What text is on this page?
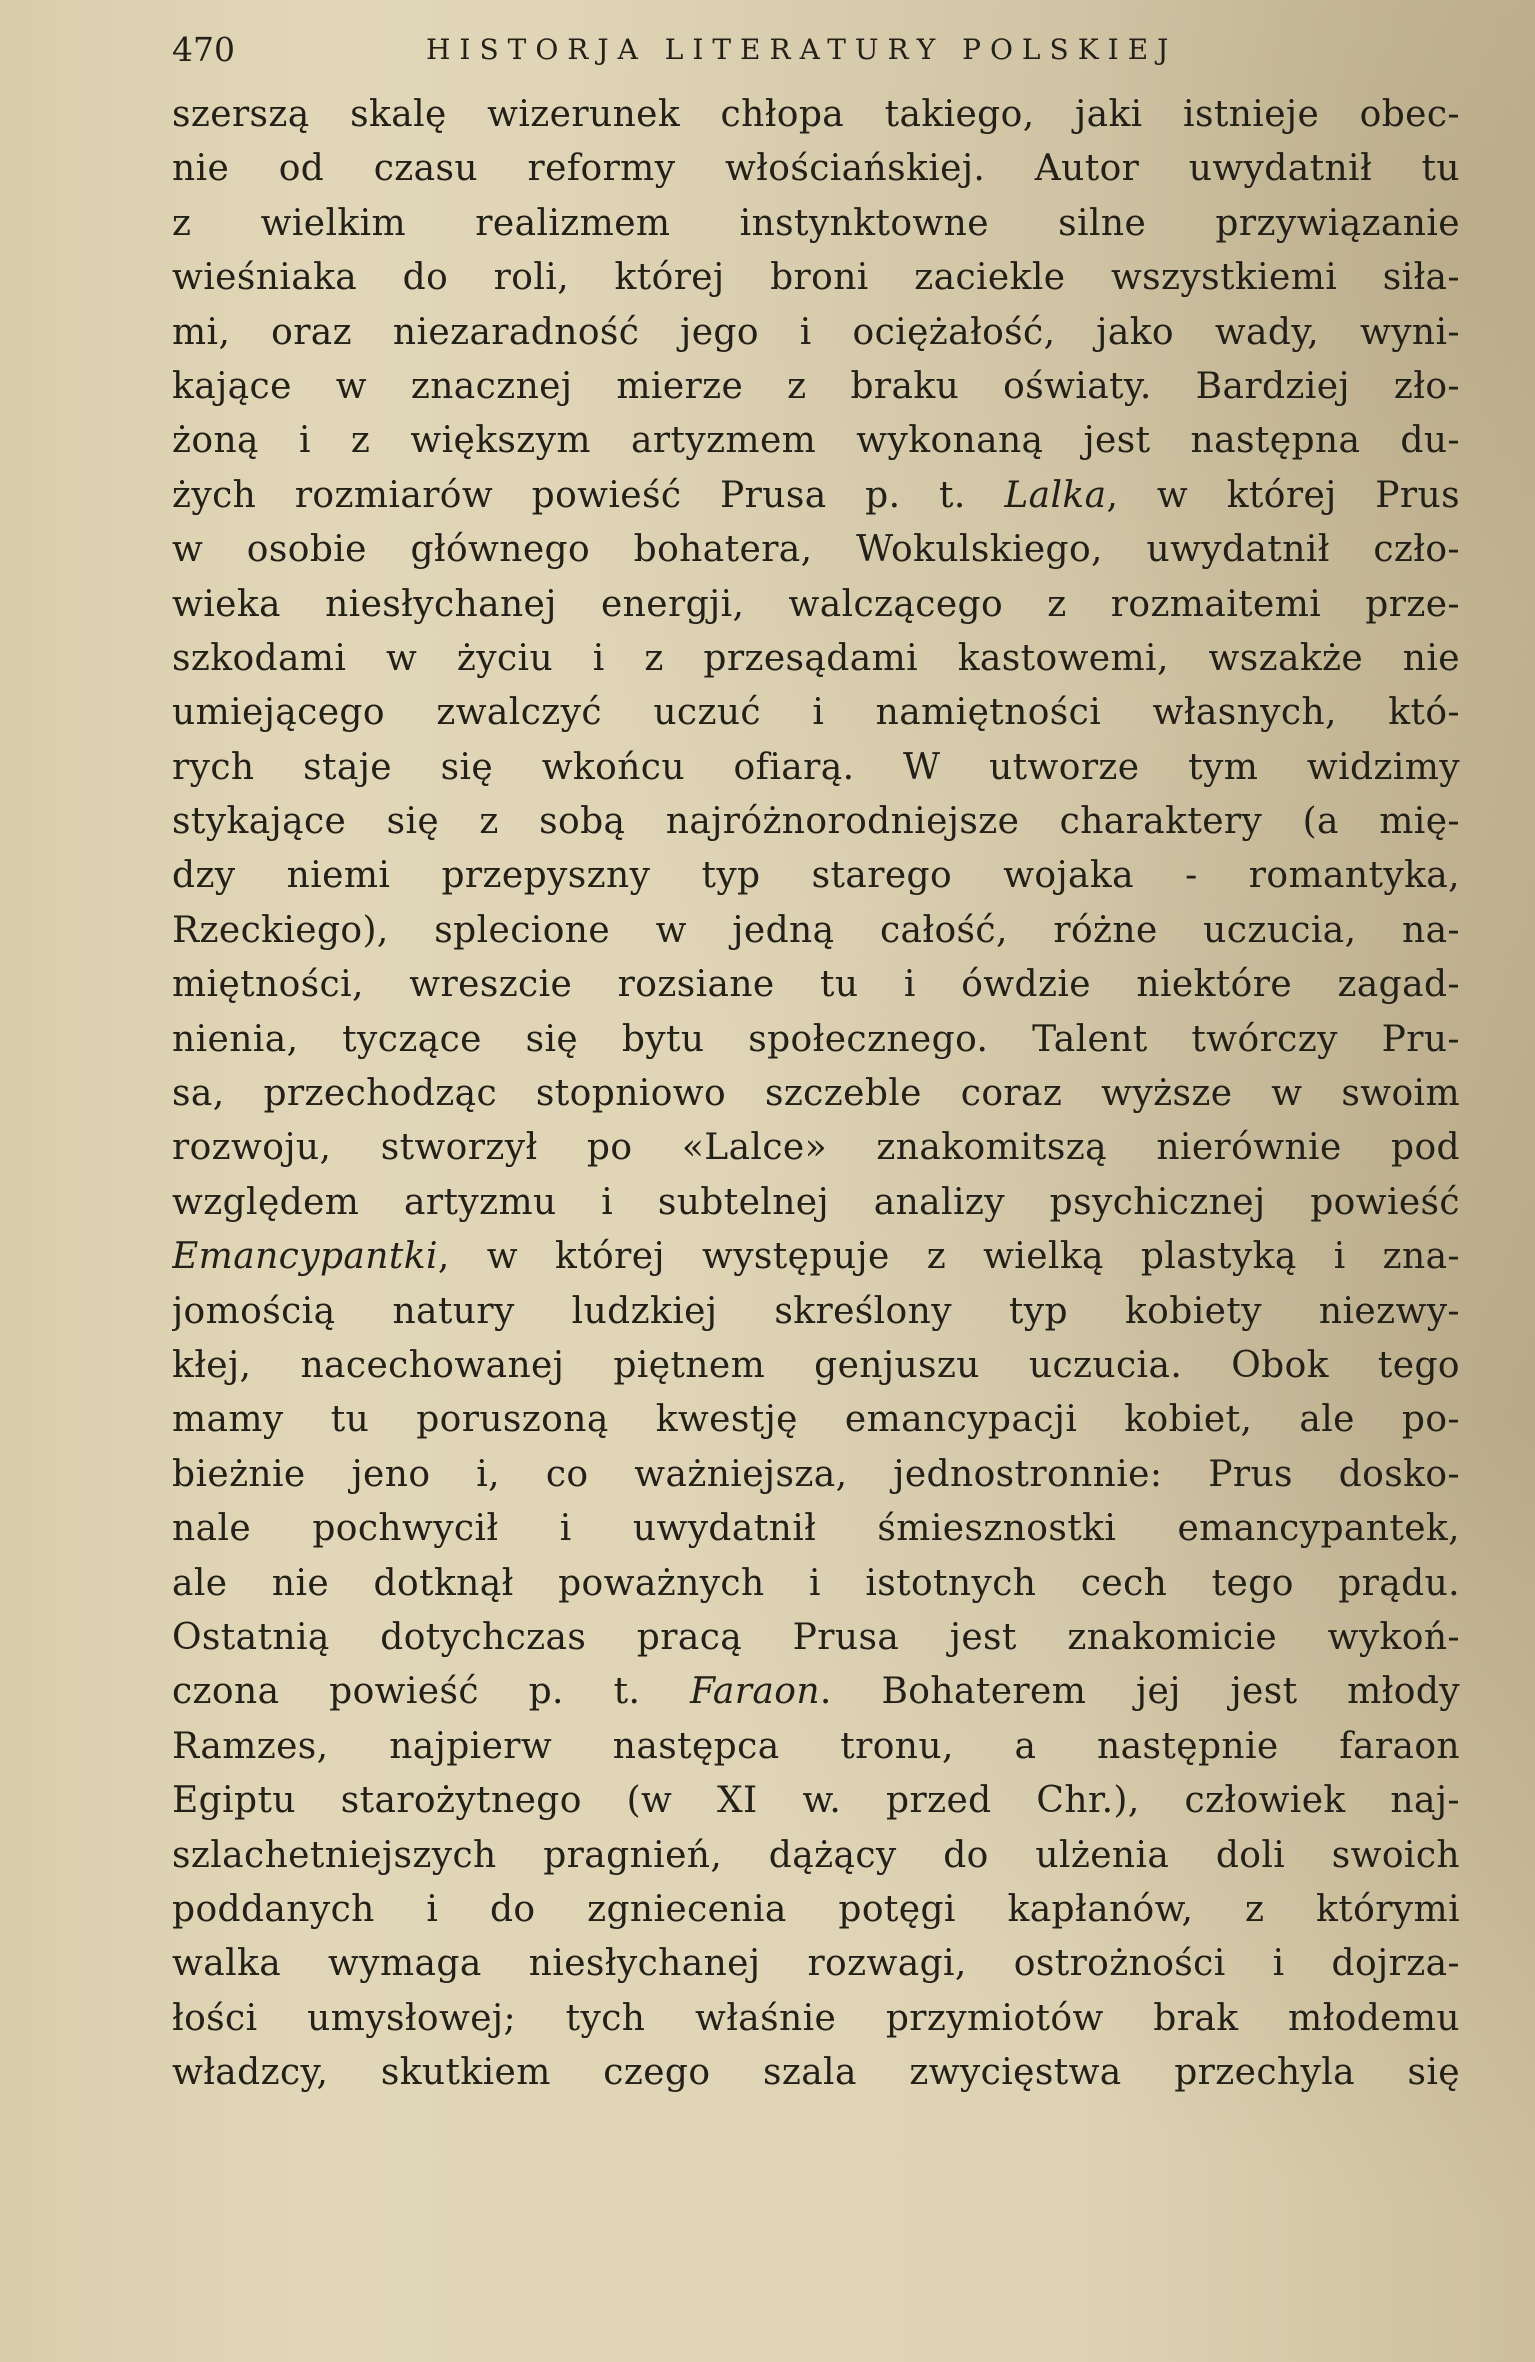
470	HISTORJA LITERATURY POLSKIEJ
szerszą skalę wizerunek chłopa takiego, jaki istnieje obec-
nie od czasu reformy włościańskiej. Autor uwydatnił tu
z wielkim realizmem instynktowne silne przywiązanie
wieśniaka do roli, której broni zaciekle wszystkiemi siła-
mi, oraz niezaradność jego i ociężałość, jako wady, wyni-
kające w znacznej mierze z braku oświaty. Bardziej zło-
żoną i z większym artyzmem wykonaną jest następna du-
żych rozmiarów powieść Prusa p. t. Lalka, w której Prus
w osobie głównego bohatera, Wokulskiego, uwydatnił czło-
wieka niesłychanej energji, walczącego z rozmaitemi prze-
szkodami w życiu i z przesądami kastowemi, wszakże nie
umiejącego zwalczyć uczuć i namiętności własnych, któ-
rych staje się wkońcu ofiarą. W utworze tym widzimy
stykające się z sobą najróżnorodniejsze charaktery (a mię-
dzy niemi przepyszny typ starego wojaka - romantyka,
Rzeckiego), splecione w jedną całość, różne uczucia, na-
miętności, wreszcie rozsiane tu i ówdzie niektóre zagad-
nienia, tyczące się bytu społecznego. Talent twórczy Pru-
sa, przechodząc stopniowo szczeble coraz wyższe w swoim
rozwoju, stworzył po «Lalce» znakomitszą nierównie pod
względem artyzmu i subtelnej analizy psychicznej powieść
Emancypantki, w której występuje z wielką plastyką i zna-
jomością natury ludzkiej skreślony typ kobiety niezwy-
kłej, nacechowanej piętnem genjuszu uczucia. Obok tego
mamy tu poruszoną kwestję emancypacji kobiet, ale po-
bieżnie jeno i, co ważniejsza, jednostronnie: Prus dosko-
nale pochwycił i uwydatnił śmiesznostki emancypantek,
ale nie dotknął poważnych i istotnych cech tego prądu.
Ostatnią dotychczas pracą Prusa jest znakomicie wykoń-
czona powieść p. t. Faraon. Bohaterem jej jest młody
Ramzes, najpierw następca tronu, a następnie faraon
Egiptu starożytnego (w XI w. przed Chr.), człowiek naj-
szlachetniejszych pragnień, dążący do ulżenia doli swoich
poddanych i do zgniecenia potęgi kapłanów, z którymi
walka wymaga niesłychanej rozwagi, ostrożności i dojrza-
łości umysłowej; tych właśnie przymiotów brak młodemu
władzcy, skutkiem czego szala zwycięstwa przechyla się
